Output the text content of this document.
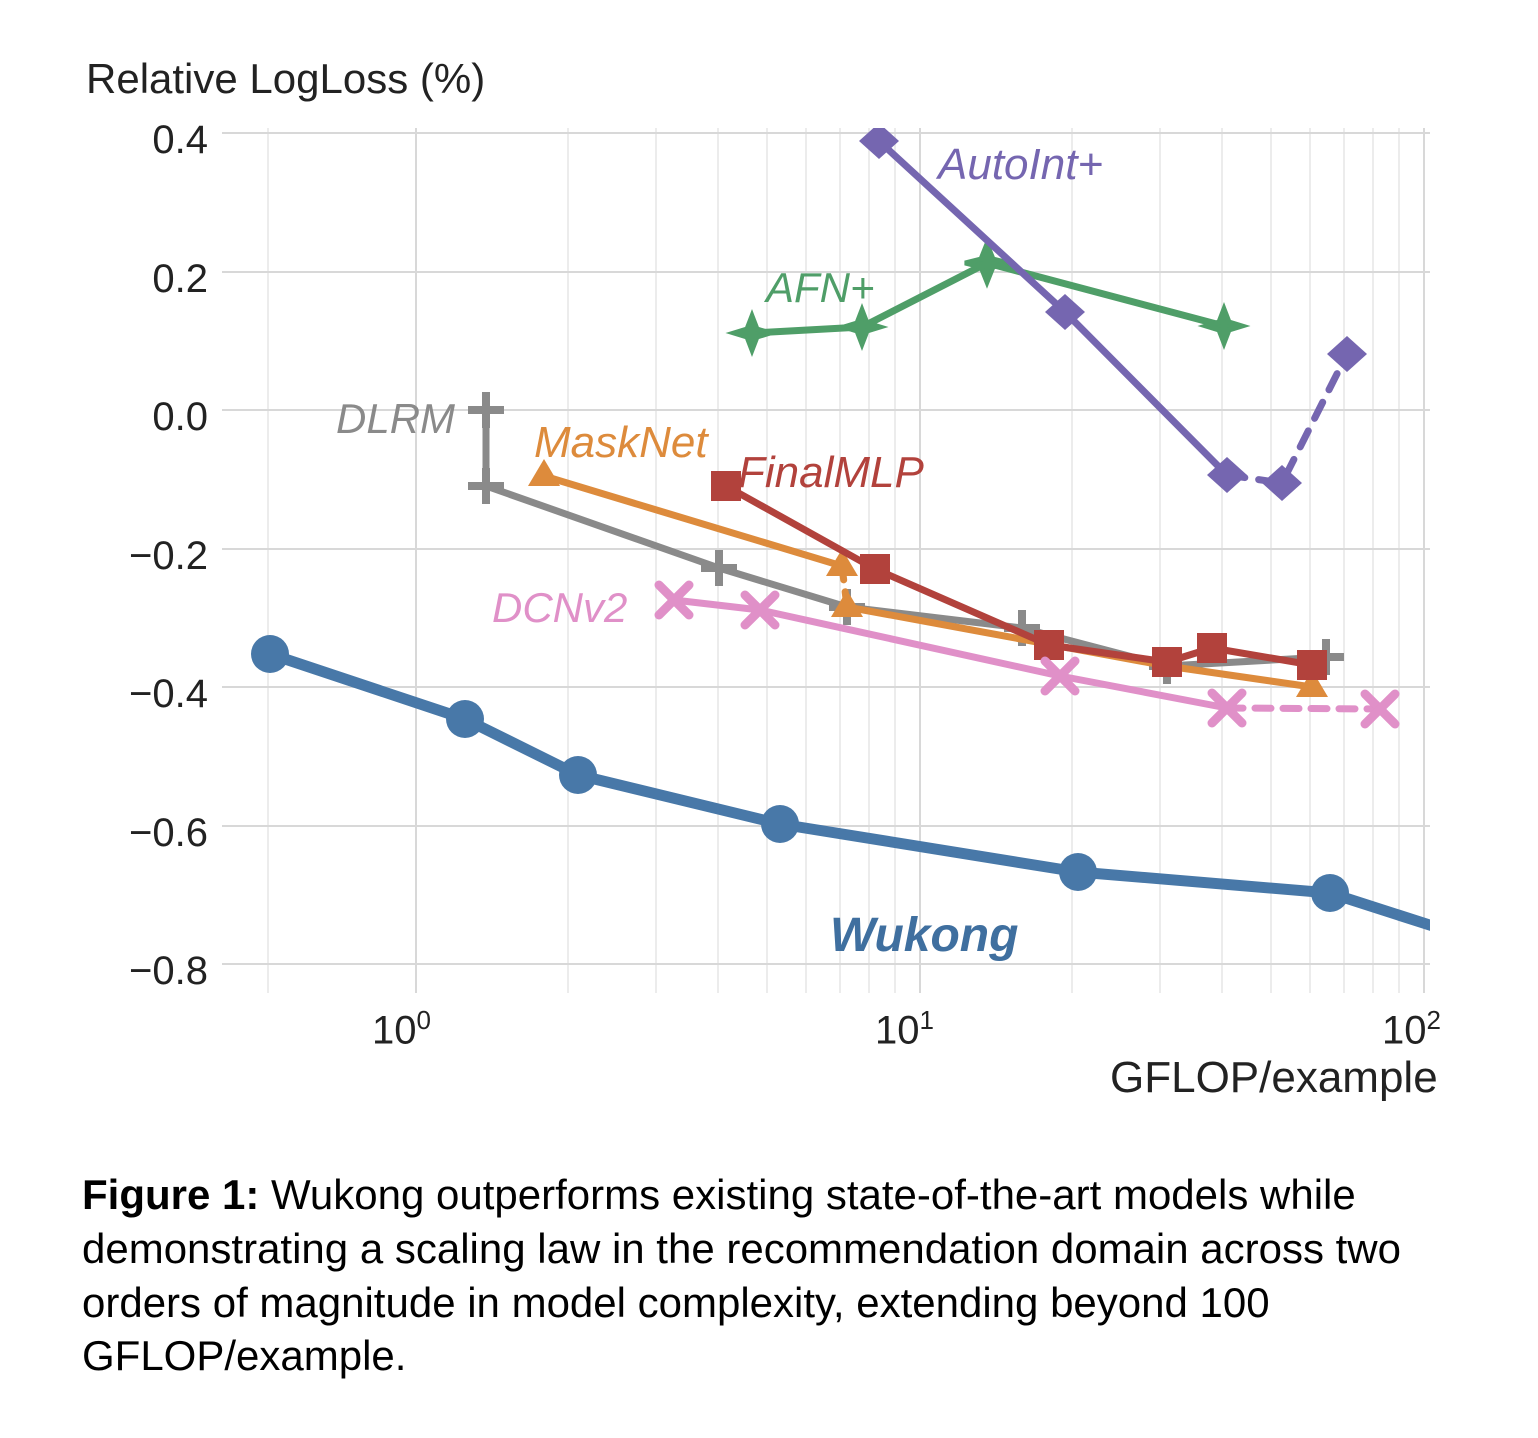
Relative LogLoss (%)
GFLOP/example
0.4
0.2
0.0
−0.2
−0.4
−0.6
−0.8
$10^0$	$10^1$	$10^2$
AutoInt+
AFN+
DLRM MaskNet
FinalMLP
DCNv2
Wukong
Figure 1: Wukong outperforms existing state-of-the-art models while demonstrating a scaling law in the recommendation domain across two orders of magnitude in model complexity, extending beyond 100 GFLOP/example.
